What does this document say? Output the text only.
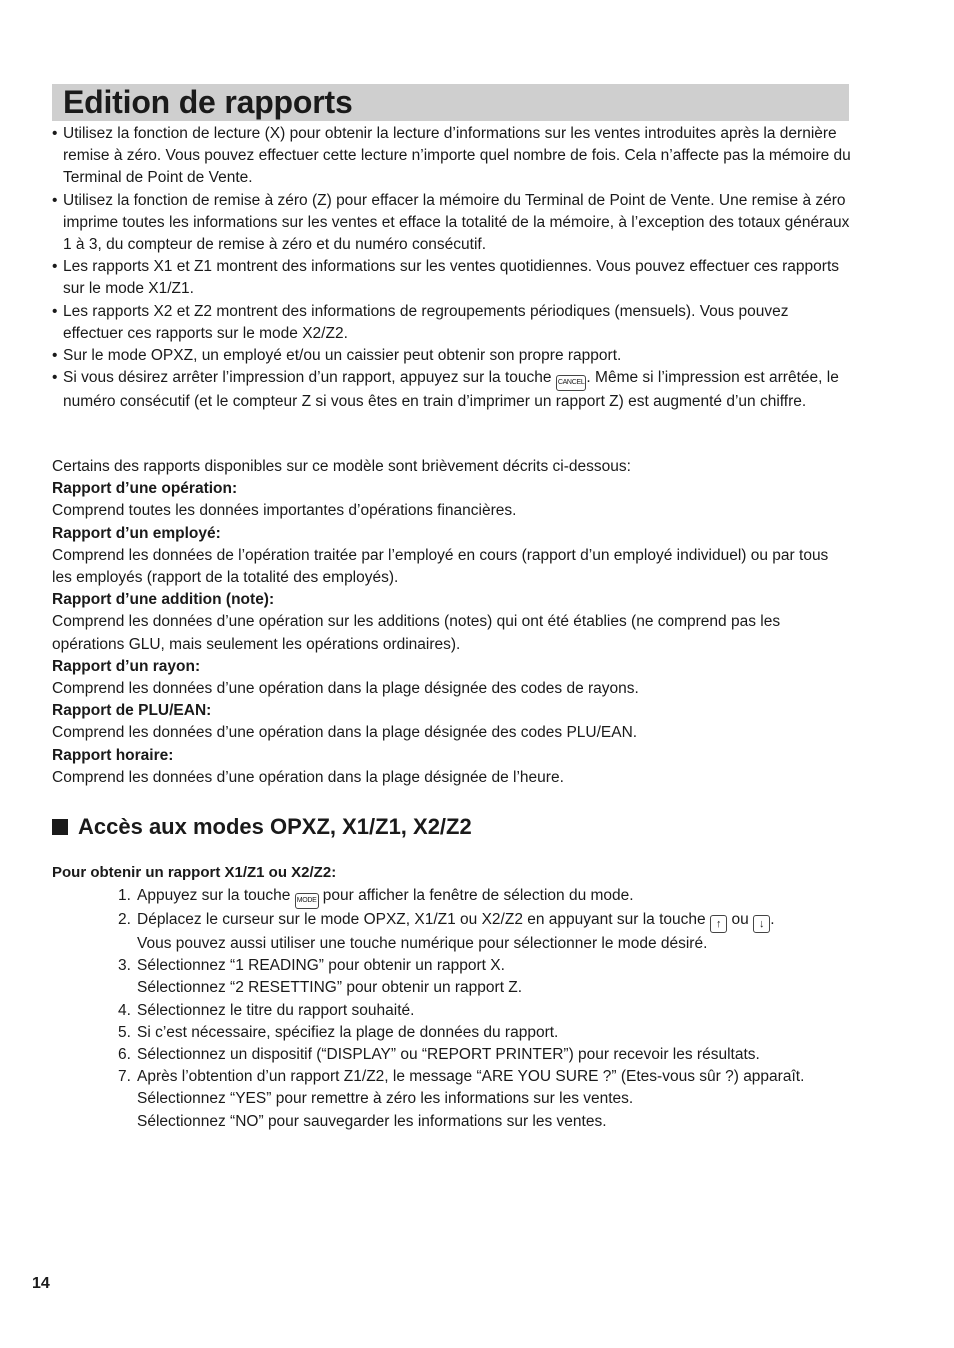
Edition de rapports
• Utilisez la fonction de lecture (X) pour obtenir la lecture d’informations sur les ventes introduites après la dernière remise à zéro. Vous pouvez effectuer cette lecture n’importe quel nombre de fois. Cela n’affecte pas la mémoire du Terminal de Point de Vente.
• Utilisez la fonction de remise à zéro (Z) pour effacer la mémoire du Terminal de Point de Vente. Une remise à zéro imprime toutes les informations sur les ventes et efface la totalité de la mémoire, à l’exception des totaux généraux 1 à 3, du compteur de remise à zéro et du numéro consécutif.
• Les rapports X1 et Z1 montrent des informations sur les ventes quotidiennes. Vous pouvez effectuer ces rapports sur le mode X1/Z1.
• Les rapports X2 et Z2 montrent des informations de regroupements périodiques (mensuels). Vous pouvez effectuer ces rapports sur le mode X2/Z2.
• Sur le mode OPXZ, un employé et/ou un caissier peut obtenir son propre rapport.
• Si vous désirez arrêter l’impression d’un rapport, appuyez sur la touche CANCEL . Même si l’impression est arrêtée, le numéro consécutif (et le compteur Z si vous êtes en train d’imprimer un rapport Z) est augmenté d’un chiffre.

Certains des rapports disponibles sur ce modèle sont brièvement décrits ci-dessous:

Rapport d’une opération:

Comprend toutes les données importantes d’opérations financières.

Rapport d’un employé:

Comprend les données de l’opération traitée par l’employé en cours (rapport d’un employé individuel) ou par tous les employés (rapport de la totalité des employés).

Rapport d’une addition (note):

Comprend les données d’une opération sur les additions (notes) qui ont été établies (ne comprend pas les opérations GLU, mais seulement les opérations ordinaires).

Rapport d’un rayon:

Comprend les données d’une opération dans la plage désignée des codes de rayons.

Rapport de PLU/EAN:

Comprend les données d’une opération dans la plage désignée des codes PLU/EAN.

Rapport horaire:

Comprend les données d’une opération dans la plage désignée de l’heure.

Accès aux modes OPXZ, X1/Z1, X2/Z2
Pour obtenir un rapport X1/Z1 ou X2/Z2:
1. Appuyez sur la touche MODE pour afficher la fenêtre de sélection du mode.
2. Déplacez le curseur sur le mode OPXZ, X1/Z1 ou X2/Z2 en appuyant sur la touche ↑ ou ↓ .
Vous pouvez aussi utiliser une touche numérique pour sélectionner le mode désiré.
3. Sélectionnez “1 READING” pour obtenir un rapport X.
Sélectionnez “2 RESETTING” pour obtenir un rapport Z.
4. Sélectionnez le titre du rapport souhaité.
5. Si c’est nécessaire, spécifiez la plage de données du rapport.
6. Sélectionnez un dispositif (“DISPLAY” ou “REPORT PRINTER”) pour recevoir les résultats.
7. Après l’obtention d’un rapport Z1/Z2, le message “ARE YOU SURE ?” (Etes-vous sûr ?) apparaît.
Sélectionnez “YES” pour remettre à zéro les informations sur les ventes.
Sélectionnez “NO” pour sauvegarder les informations sur les ventes.
14
